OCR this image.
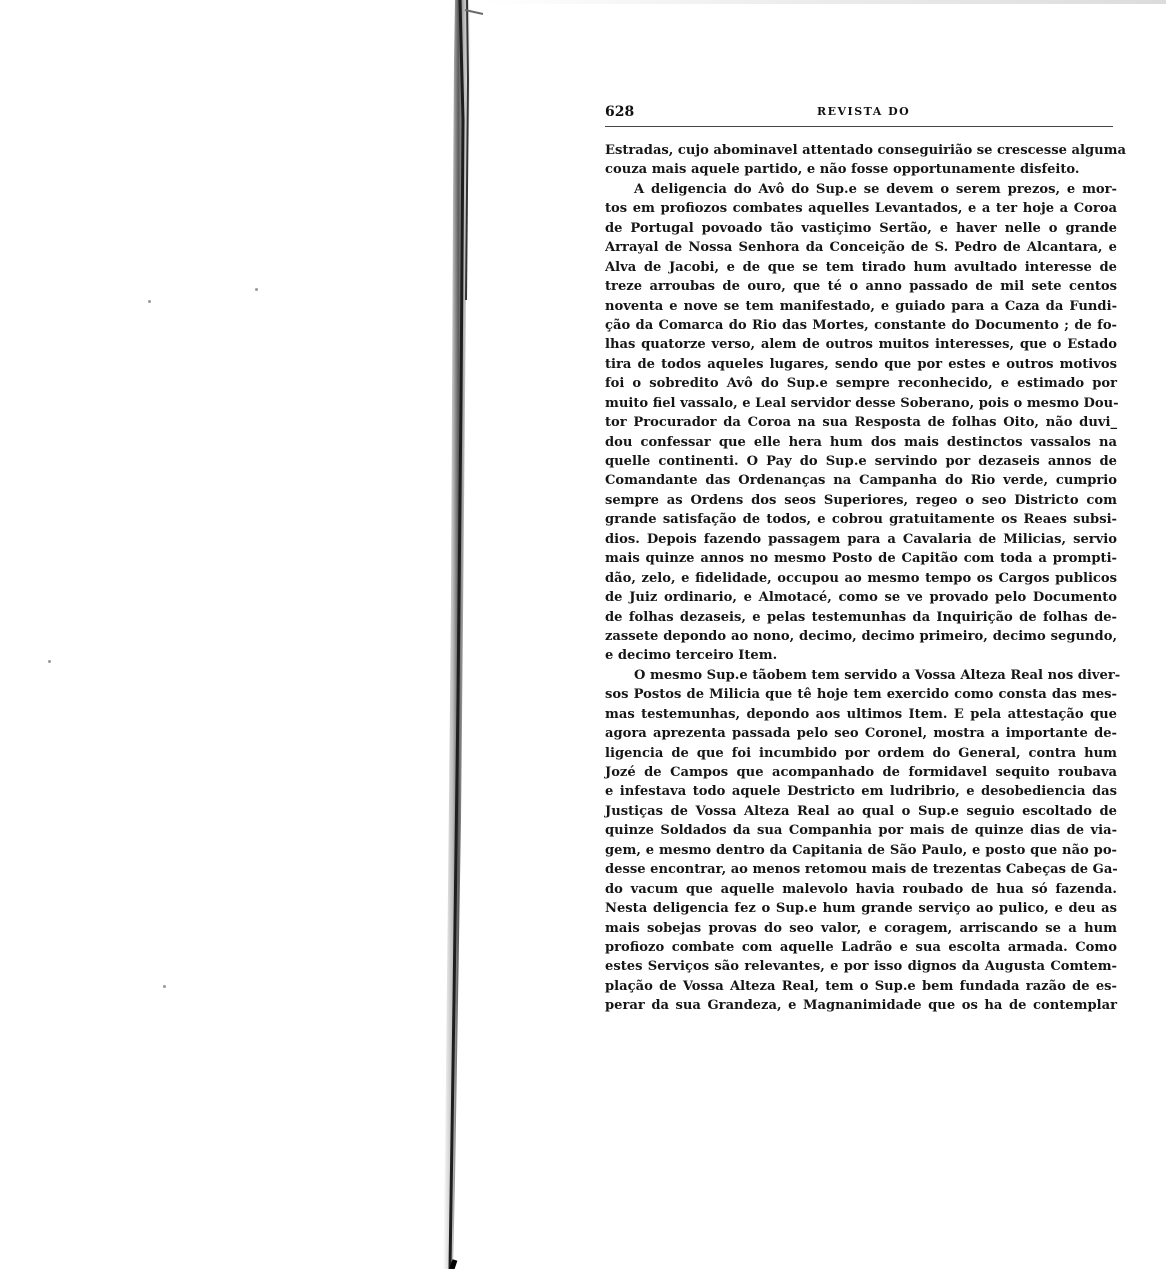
628	REVISTA DO
Estradas, cujo abominavel attentado conseguirião se crescesse alguma
couza mais aquele partido, e não fosse opportunamente disfeito.
A deligencia do Avô do Sup.e se devem o serem prezos, e mor-
tos em profiozos combates aquelles Levantados, e a ter hoje a Coroa
de Portugal povoado tão vastiçimo Sertão, e haver nelle o grande
Arrayal de Nossa Senhora da Conceição de S. Pedro de Alcantara, e
Alva de Jacobi, e de que se tem tirado hum avultado interesse de
treze arroubas de ouro, que té o anno passado de mil sete centos
noventa e nove se tem manifestado, e guiado para a Caza da Fundi-
ção da Comarca do Rio das Mortes, constante do Documento ; de fo-
lhas quatorze verso, alem de outros muitos interesses, que o Estado
tira de todos aqueles lugares, sendo que por estes e outros motivos
foi o sobredito Avô do Sup.e sempre reconhecido, e estimado por
muito fiel vassalo, e Leal servidor desse Soberano, pois o mesmo Dou-
tor Procurador da Coroa na sua Resposta de folhas Oito, não duvi_
dou confessar que elle hera hum dos mais destinctos vassalos na
quelle continenti. O Pay do Sup.e servindo por dezaseis annos de
Comandante das Ordenanças na Campanha do Rio verde, cumprio
sempre as Ordens dos seos Superiores, regeo o seo Districto com
grande satisfação de todos, e cobrou gratuitamente os Reaes subsi-
dios. Depois fazendo passagem para a Cavalaria de Milicias, servio
mais quinze annos no mesmo Posto de Capitão com toda a prompti-
dão, zelo, e fidelidade, occupou ao mesmo tempo os Cargos publicos
de Juiz ordinario, e Almotacé, como se ve provado pelo Documento
de folhas dezaseis, e pelas testemunhas da Inquirição de folhas de-
zassete depondo ao nono, decimo, decimo primeiro, decimo segundo,
e decimo terceiro Item.
O mesmo Sup.e tãobem tem servido a Vossa Alteza Real nos diver-
sos Postos de Milicia que tê hoje tem exercido como consta das mes-
mas testemunhas, depondo aos ultimos Item. E pela attestação que
agora aprezenta passada pelo seo Coronel, mostra a importante de-
ligencia de que foi incumbido por ordem do General, contra hum
Jozé de Campos que acompanhado de formidavel sequito roubava
e infestava todo aquele Destricto em ludribrio, e desobediencia das
Justiças de Vossa Alteza Real ao qual o Sup.e seguio escoltado de
quinze Soldados da sua Companhia por mais de quinze dias de via-
gem, e mesmo dentro da Capitania de São Paulo, e posto que não po-
desse encontrar, ao menos retomou mais de trezentas Cabeças de Ga-
do vacum que aquelle malevolo havia roubado de hua só fazenda.
Nesta deligencia fez o Sup.e hum grande serviço ao pulico, e deu as
mais sobejas provas do seo valor, e coragem, arriscando se a hum
profiozo combate com aquelle Ladrão e sua escolta armada. Como
estes Serviços são relevantes, e por isso dignos da Augusta Comtem-
plação de Vossa Alteza Real, tem o Sup.e bem fundada razão de es-
perar da sua Grandeza, e Magnanimidade que os ha de contemplar
